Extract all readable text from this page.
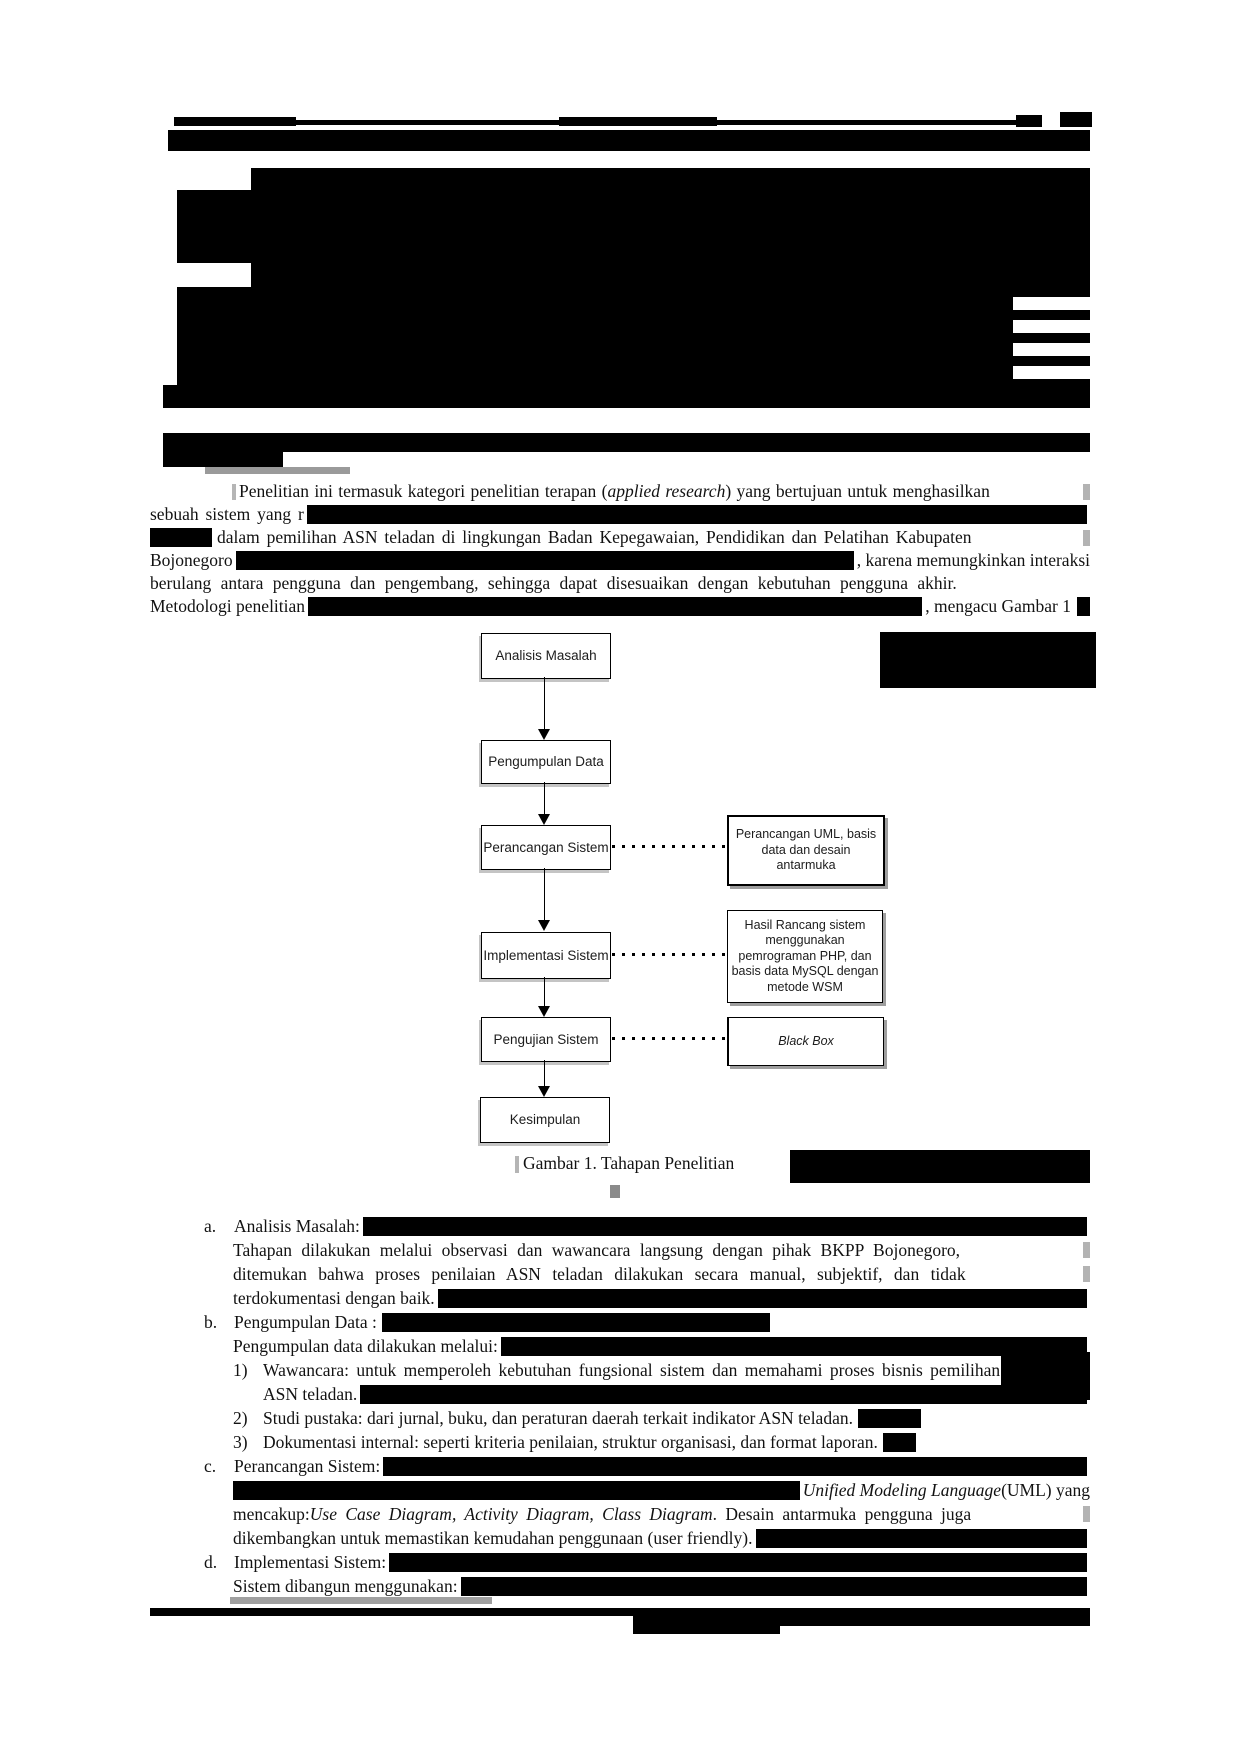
Penelitian ini termasuk kategori penelitian terapan ( applied research ) yang bertujuan untuk menghasilkan
sebuah sistem yang r
dalam pemilihan ASN teladan di lingkungan Badan Kepegawaian, Pendidikan dan Pelatihan Kabupaten
Bojonegoro	, karena memungkinkan interaksi
berulang antara pengguna dan pengembang, sehingga dapat disesuaikan dengan kebutuhan pengguna akhir.
Metodologi penelitian	, mengacu Gambar 1
Analisis Masalah
Pengumpulan Data
Perancangan Sistem
Perancangan UML, basis data dan desain antarmuka
Implementasi Sistem
Hasil Rancang sistem menggunakan pemrograman PHP, dan basis data MySQL dengan metode WSM
Pengujian Sistem	Black Box
Kesimpulan
Gambar 1. Tahapan Penelitian
a.	Analisis Masalah:
Tahapan dilakukan melalui observasi dan wawancara langsung dengan pihak BKPP Bojonegoro,
ditemukan bahwa proses penilaian ASN teladan dilakukan secara manual, subjektif, dan tidak
terdokumentasi dengan baik.
b. Pengumpulan Data :
Pengumpulan data dilakukan melalui:
1) Wawancara: untuk memperoleh kebutuhan fungsional sistem dan memahami proses bisnis pemilihan
ASN teladan.
2) Studi pustaka: dari jurnal, buku, dan peraturan daerah terkait indikator ASN teladan.
3) Dokumentasi internal: seperti kriteria penilaian, struktur organisasi, dan format laporan.
c.	Perancangan Sistem:
Unified Modeling Language (UML) yang
mencakup: Use Case Diagram, Activity Diagram, Class Diagram . Desain antarmuka pengguna juga
dikembangkan untuk memastikan kemudahan penggunaan (user friendly).
d. Implementasi Sistem:
Sistem dibangun menggunakan:
